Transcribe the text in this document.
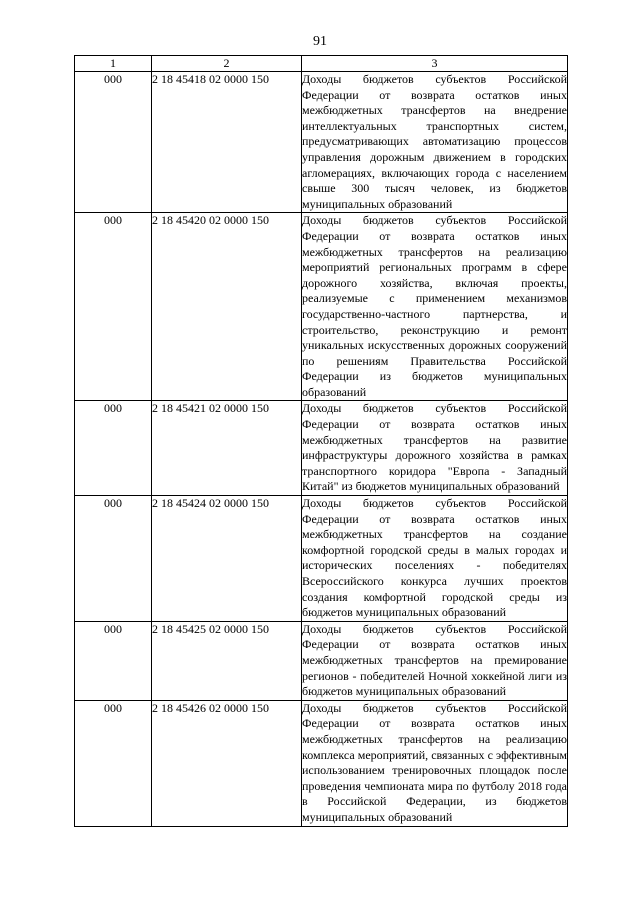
91
1	2	3
000	2 18 45418 02 0000 150	Доходы бюджетов субъектов Российской Федерации от возврата остатков иных межбюджетных трансфертов на внедрение интеллектуальных транспортных систем, предусматривающих автоматизацию процессов управления дорожным движением в городских агломерациях, включающих города с населением свыше 300 тысяч человек, из бюджетов муниципальных образований
000	2 18 45420 02 0000 150	Доходы бюджетов субъектов Российской Федерации от возврата остатков иных межбюджетных трансфертов на реализацию мероприятий региональных программ в сфере дорожного хозяйства, включая проекты, реализуемые с применением механизмов государственно-частного партнерства, и строительство, реконструкцию и ремонт уникальных искусственных дорожных сооружений по решениям Правительства Российской Федерации из бюджетов муниципальных образований
000	2 18 45421 02 0000 150	Доходы бюджетов субъектов Российской Федерации от возврата остатков иных межбюджетных трансфертов на развитие инфраструктуры дорожного хозяйства в рамках транспортного коридора "Европа - Западный Китай" из бюджетов муниципальных образований
000	2 18 45424 02 0000 150	Доходы бюджетов субъектов Российской Федерации от возврата остатков иных межбюджетных трансфертов на создание комфортной городской среды в малых городах и исторических поселениях - победителях Всероссийского конкурса лучших проектов создания комфортной городской среды из бюджетов муниципальных образований
000	2 18 45425 02 0000 150	Доходы бюджетов субъектов Российской Федерации от возврата остатков иных межбюджетных трансфертов на премирование регионов - победителей Ночной хоккейной лиги из бюджетов муниципальных образований
000	2 18 45426 02 0000 150	Доходы бюджетов субъектов Российской Федерации от возврата остатков иных межбюджетных трансфертов на реализацию комплекса мероприятий, связанных с эффективным использованием тренировочных площадок после проведения чемпионата мира по футболу 2018 года в Российской Федерации, из бюджетов муниципальных образований
